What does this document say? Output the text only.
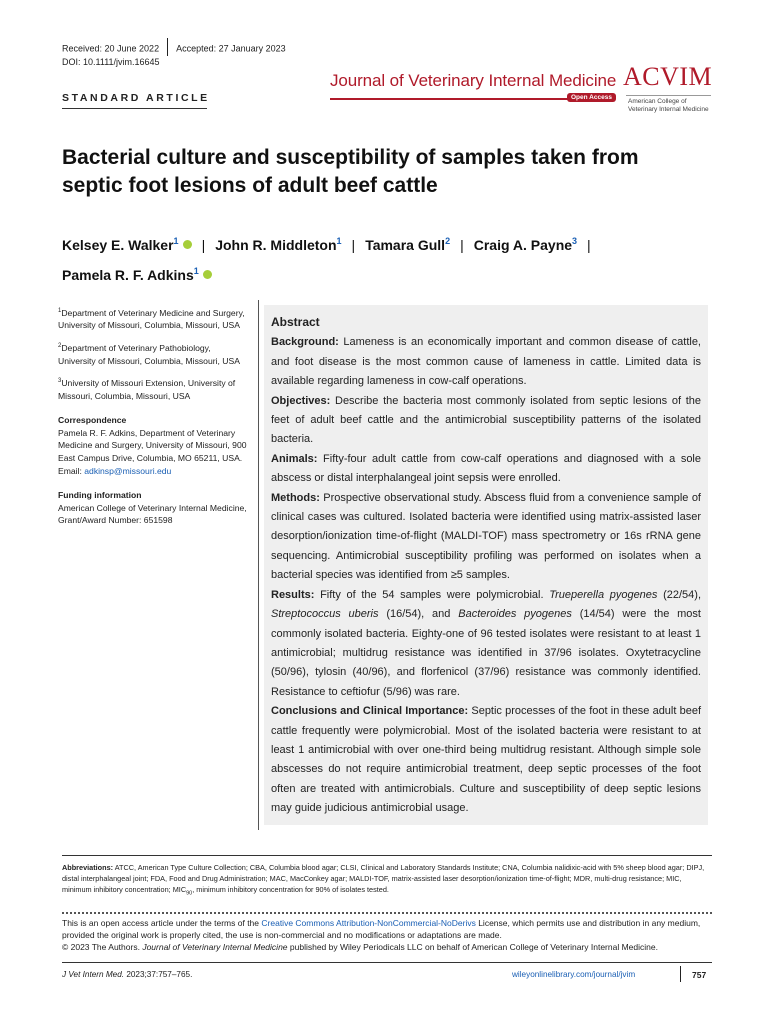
Received: 20 June 2022 Accepted: 27 January 2023
DOI: 10.1111/jvim.16645
STANDARD ARTICLE
Journal of Veterinary Internal Medicine
Open Access
ACVIM
American College of
Veterinary Internal Medicine
Bacterial culture and susceptibility of samples taken from septic foot lesions of adult beef cattle
Kelsey E. Walker$^1$ | John R. Middleton$^1$ | Tamara Gull$^2$ | Craig A. Payne$^3$ |
Pamela R. F. Adkins$^1$

$^1$Department of Veterinary Medicine and Surgery, University of Missouri, Columbia, Missouri, USA

$^2$Department of Veterinary Pathobiology, University of Missouri, Columbia, Missouri, USA

$^3$University of Missouri Extension, University of Missouri, Columbia, Missouri, USA

Correspondence

Pamela R. F. Adkins, Department of Veterinary Medicine and Surgery, University of Missouri, 900 East Campus Drive, Columbia, MO 65211, USA.
Email: adkinsp@missouri.edu

Funding information

American College of Veterinary Internal Medicine, Grant/Award Number: 651598

Abstract

Background: Lameness is an economically important and common disease of cattle, and foot disease is the most common cause of lameness in cattle. Limited data is available regarding lameness in cow-calf operations.

Objectives: Describe the bacteria most commonly isolated from septic lesions of the feet of adult beef cattle and the antimicrobial susceptibility patterns of the isolated bacteria.

Animals: Fifty-four adult cattle from cow-calf operations and diagnosed with a sole abscess or distal interphalangeal joint sepsis were enrolled.

Methods: Prospective observational study. Abscess fluid from a convenience sample of clinical cases was cultured. Isolated bacteria were identified using matrix-assisted laser desorption/ionization time-of-flight (MALDI-TOF) mass spectrometry or 16s rRNA gene sequencing. Antimicrobial susceptibility profiling was performed on isolates when a bacterial species was identified from ≥5 samples.

Results: Fifty of the 54 samples were polymicrobial. Trueperella pyogenes (22/54), Streptococcus uberis (16/54), and Bacteroides pyogenes (14/54) were the most commonly isolated bacteria. Eighty-one of 96 tested isolates were resistant to at least 1 antimicrobial; multidrug resistance was identified in 37/96 isolates. Oxytetracycline (50/96), tylosin (40/96), and florfenicol (37/96) resistance was commonly identified. Resistance to ceftiofur (5/96) was rare.

Conclusions and Clinical Importance: Septic processes of the foot in these adult beef cattle frequently were polymicrobial. Most of the isolated bacteria were resistant to at least 1 antimicrobial with over one-third being multidrug resistant. Although simple sole abscesses do not require antimicrobial treatment, deep septic processes of the foot often are treated with antimicrobials. Culture and susceptibility of deep septic lesions may guide judicious antimicrobial usage.

Abbreviations: ATCC, American Type Culture Collection; CBA, Columbia blood agar; CLSI, Clinical and Laboratory Standards Institute; CNA, Columbia nalidixic-acid with 5% sheep blood agar; DIPJ, distal interphalangeal joint; FDA, Food and Drug Administration; MAC, MacConkey agar; MALDI-TOF, matrix-assisted laser desorption/ionization time-of-flight; MDR, multi-drug resistance; MIC, minimum inhibitory concentration; $MIC_{90}$, minimum inhibitory concentration for 90% of isolates tested.
This is an open access article under the terms of the Creative Commons Attribution-NonCommercial-NoDerivs License, which permits use and distribution in any medium, provided the original work is properly cited, the use is non-commercial and no modifications or adaptations are made.
© 2023 The Authors. Journal of Veterinary Internal Medicine published by Wiley Periodicals LLC on behalf of American College of Veterinary Internal Medicine.
J Vet Intern Med. 2023;37:757–765.	wileyonlinelibrary.com/journal/jvim	757
